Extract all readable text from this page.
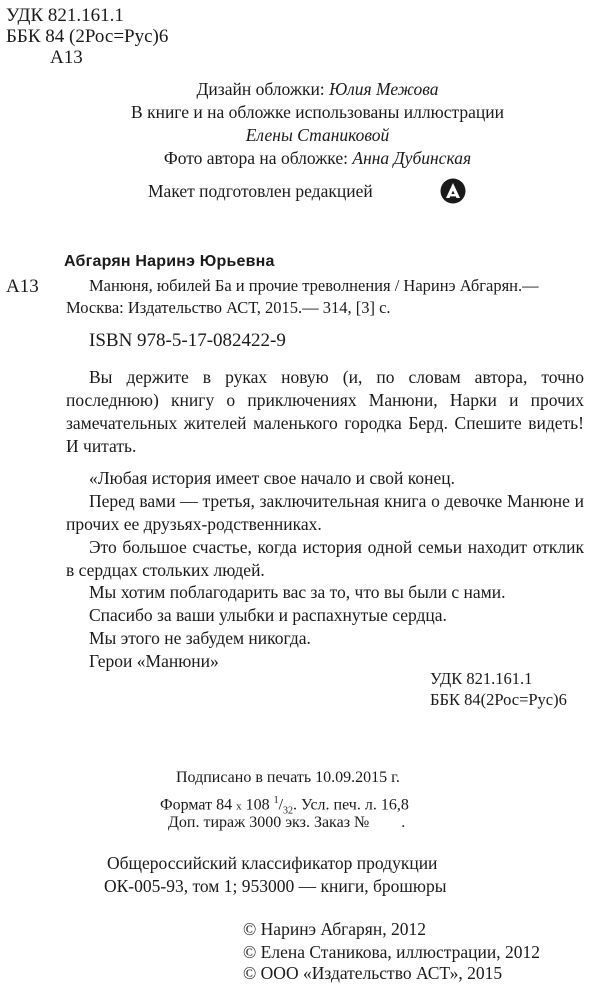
УДК 821.161.1
ББК 84 (2Рос=Рус)6
А13
Дизайн обложки: Юлия Межова
В книге и на обложке использованы иллюстрации
Елены Станиковой
Фото автора на обложке: Анна Дубинская
Макет подготовлен редакцией
Абгарян Наринэ Юрьевна
А13	Манюня, юбилей Ба и прочие треволнения / Наринэ Абгарян.—
Москва: Издательство АСТ, 2015.— 314, [3] с.
ISBN 978-5-17-082422-9
Вы держите в руках новую (и, по словам автора, точно последнюю) книгу о приключениях Манюни, Нарки и прочих замечательных жителей маленького городка Берд. Спешите видеть! И читать.
«Любая история имеет свое начало и свой конец.
Перед вами — третья, заключительная книга о девочке Манюне и прочих ее друзьях-родственниках.
Это большое счастье, когда история одной семьи находит отклик в сердцах стольких людей.
Мы хотим поблагодарить вас за то, что вы были с нами.
Спасибо за ваши улыбки и распахнутые сердца.
Мы этого не забудем никогда.
Герои «Манюни»
УДК 821.161.1
ББК 84(2Рос=Рус)6
Подписано в печать 10.09.2015 г.
Формат 84 x 108 $^1/_{32}$. Усл. печ. л. 16,8
Доп. тираж 3000 экз. Заказ №        .
Общероссийский классификатор продукции
ОК-005-93, том 1; 953000 — книги, брошюры
© Наринэ Абгарян, 2012
© Елена Станикова, иллюстрации, 2012
© ООО «Издательство АСТ», 2015
